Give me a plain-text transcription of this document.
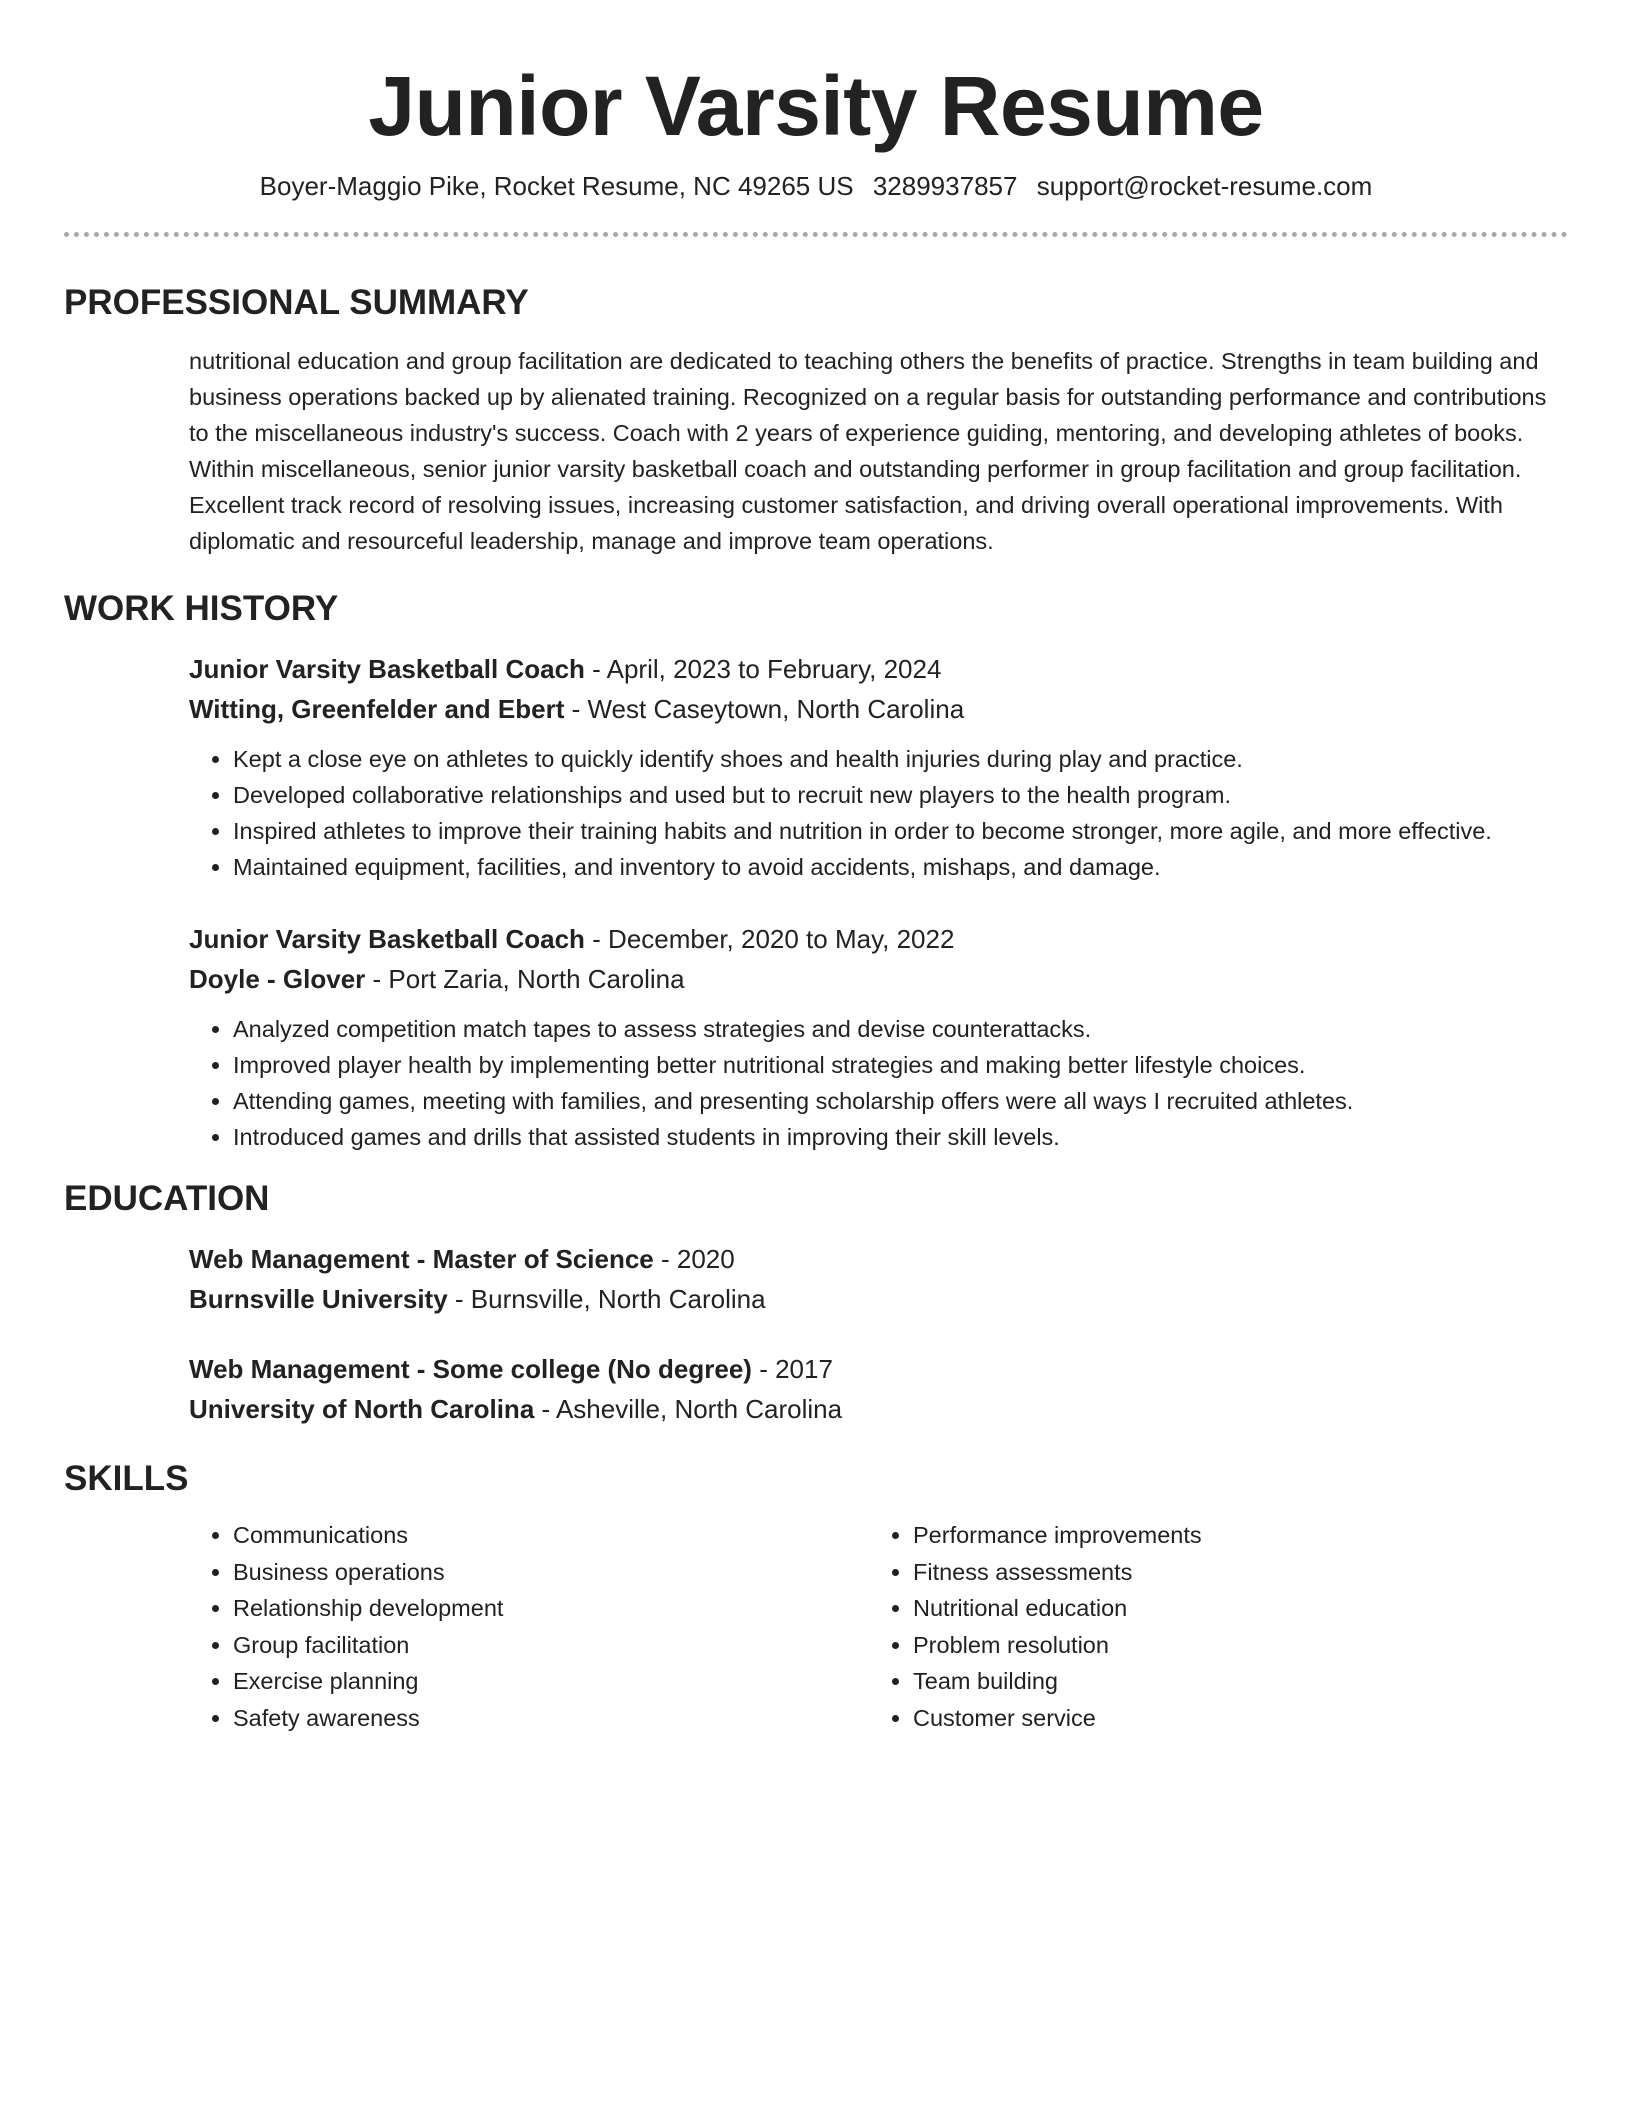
Junior Varsity Resume
Boyer-Maggio Pike, Rocket Resume, NC 49265 US 3289937857 support@rocket-resume.com
PROFESSIONAL SUMMARY

nutritional education and group facilitation are dedicated to teaching others the benefits of practice. Strengths in team building and business operations backed up by alienated training. Recognized on a regular basis for outstanding performance and contributions to the miscellaneous industry's success. Coach with 2 years of experience guiding, mentoring, and developing athletes of books. Within miscellaneous, senior junior varsity basketball coach and outstanding performer in group facilitation and group facilitation. Excellent track record of resolving issues, increasing customer satisfaction, and driving overall operational improvements. With diplomatic and resourceful leadership, manage and improve team operations.

WORK HISTORY
Junior Varsity Basketball Coach - April, 2023 to February, 2024
Witting, Greenfelder and Ebert - West Caseytown, North Carolina
• Kept a close eye on athletes to quickly identify shoes and health injuries during play and practice.
• Developed collaborative relationships and used but to recruit new players to the health program.
• Inspired athletes to improve their training habits and nutrition in order to become stronger, more agile, and more effective.
• Maintained equipment, facilities, and inventory to avoid accidents, mishaps, and damage.
Junior Varsity Basketball Coach - December, 2020 to May, 2022
Doyle - Glover - Port Zaria, North Carolina
• Analyzed competition match tapes to assess strategies and devise counterattacks.
• Improved player health by implementing better nutritional strategies and making better lifestyle choices.
• Attending games, meeting with families, and presenting scholarship offers were all ways I recruited athletes.
• Introduced games and drills that assisted students in improving their skill levels.
EDUCATION
Web Management - Master of Science - 2020
Burnsville University - Burnsville, North Carolina
Web Management - Some college (No degree) - 2017
University of North Carolina - Asheville, North Carolina
SKILLS
• Communications
• Business operations
• Relationship development
• Group facilitation
• Exercise planning
• Safety awareness
• Performance improvements
• Fitness assessments
• Nutritional education
• Problem resolution
• Team building
• Customer service
